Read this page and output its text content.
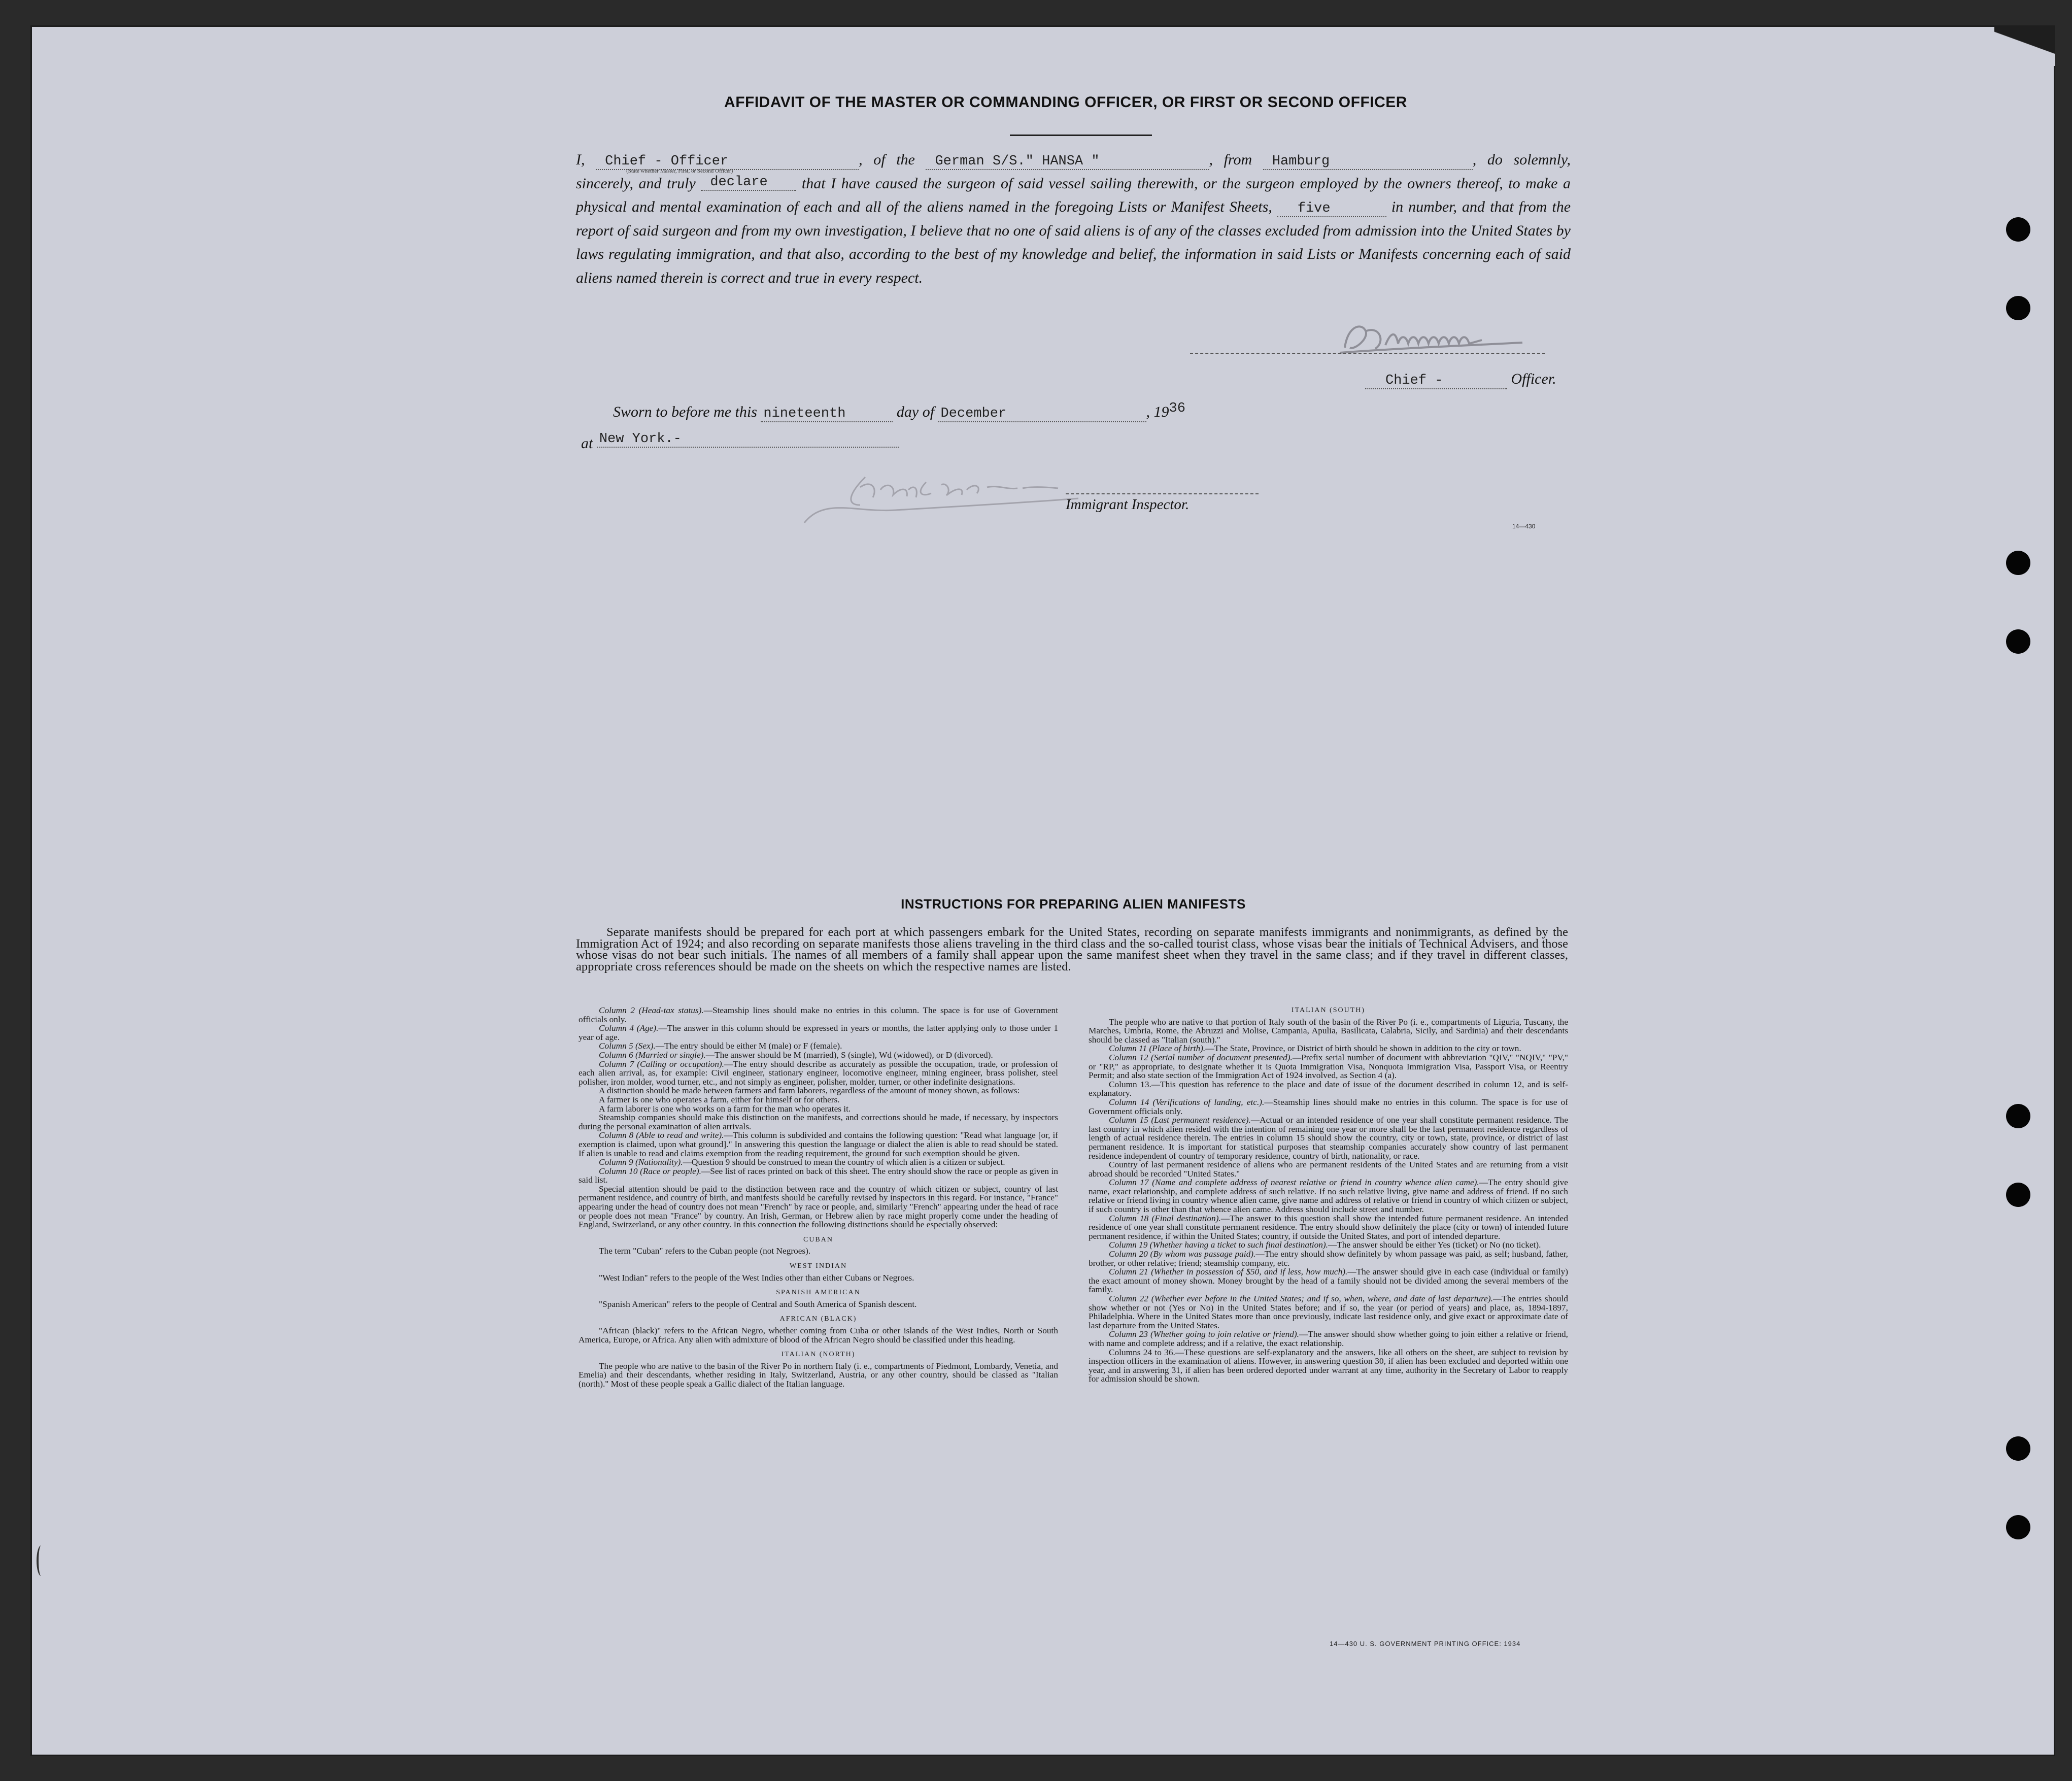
AFFIDAVIT OF THE MASTER OR COMMANDING OFFICER, OR FIRST OR SECOND OFFICER
I, Chief - Officer
(State whether Master, First, or Second Officer)
, of the German S/S." HANSA "	, from Hamburg	, do solemnly, sincerely, and truly declare that I have caused the surgeon of said vessel sailing therewith, or the surgeon employed by the owners thereof, to make a physical and mental examination of each and all of the aliens named in the foregoing Lists or Manifest Sheets, five	in number, and that from the report of said surgeon and from my own investigation, I believe that no one of said aliens is of any of the classes excluded from admission into the United States by laws regulating immigration, and that also, according to the best of my knowledge and belief, the information in said Lists or Manifests concerning each of said aliens named therein is correct and true in every respect.
Chief -	Officer.
Sworn to before me this nineteenth	day of December	, 1936
at New York.-
Immigrant Inspector.
14—430
INSTRUCTIONS FOR PREPARING ALIEN MANIFESTS

Separate manifests should be prepared for each port at which passengers embark for the United States, recording on separate manifests immigrants and nonimmigrants, as defined by the Immigration Act of 1924; and also recording on separate manifests those aliens traveling in the third class and the so-called tourist class, whose visas bear the initials of Technical Advisers, and those whose visas do not bear such initials. The names of all members of a family shall appear upon the same manifest sheet when they travel in the same class; and if they travel in different classes, appropriate cross references should be made on the sheets on which the respective names are listed.

Column 2 (Head-tax status).—Steamship lines should make no entries in this column. The space is for use of Government officials only.

Column 4 (Age).—The answer in this column should be expressed in years or months, the latter applying only to those under 1 year of age.

Column 5 (Sex).—The entry should be either M (male) or F (female).

Column 6 (Married or single).—The answer should be M (married), S (single), Wd (widowed), or D (divorced).

Column 7 (Calling or occupation).—The entry should describe as accurately as possible the occupation, trade, or profession of each alien arrival, as, for example: Civil engineer, stationary engineer, locomotive engineer, mining engineer, brass polisher, steel polisher, iron molder, wood turner, etc., and not simply as engineer, polisher, molder, turner, or other indefinite designations.

A distinction should be made between farmers and farm laborers, regardless of the amount of money shown, as follows:

A farmer is one who operates a farm, either for himself or for others.

A farm laborer is one who works on a farm for the man who operates it.

Steamship companies should make this distinction on the manifests, and corrections should be made, if necessary, by inspectors during the personal examination of alien arrivals.

Column 8 (Able to read and write).—This column is subdivided and contains the following question: "Read what language [or, if exemption is claimed, upon what ground]." In answering this question the language or dialect the alien is able to read should be stated. If alien is unable to read and claims exemption from the reading requirement, the ground for such exemption should be given.

Column 9 (Nationality).—Question 9 should be construed to mean the country of which alien is a citizen or subject.

Column 10 (Race or people).—See list of races printed on back of this sheet. The entry should show the race or people as given in said list.

Special attention should be paid to the distinction between race and the country of which citizen or subject, country of last permanent residence, and country of birth, and manifests should be carefully revised by inspectors in this regard. For instance, "France" appearing under the head of country does not mean "French" by race or people, and, similarly "French" appearing under the head of race or people does not mean "France" by country. An Irish, German, or Hebrew alien by race might properly come under the heading of England, Switzerland, or any other country. In this connection the following distinctions should be especially observed:

CUBAN

The term "Cuban" refers to the Cuban people (not Negroes).

WEST INDIAN

"West Indian" refers to the people of the West Indies other than either Cubans or Negroes.

SPANISH AMERICAN

"Spanish American" refers to the people of Central and South America of Spanish descent.

AFRICAN (BLACK)

"African (black)" refers to the African Negro, whether coming from Cuba or other islands of the West Indies, North or South America, Europe, or Africa. Any alien with admixture of blood of the African Negro should be classified under this heading.

ITALIAN (NORTH)

The people who are native to the basin of the River Po in northern Italy (i. e., compartments of Piedmont, Lombardy, Venetia, and Emelia) and their descendants, whether residing in Italy, Switzerland, Austria, or any other country, should be classed as "Italian (north)." Most of these people speak a Gallic dialect of the Italian language.

ITALIAN (SOUTH)

The people who are native to that portion of Italy south of the basin of the River Po (i. e., compartments of Liguria, Tuscany, the Marches, Umbria, Rome, the Abruzzi and Molise, Campania, Apulia, Basilicata, Calabria, Sicily, and Sardinia) and their descendants should be classed as "Italian (south)."

Column 11 (Place of birth).—The State, Province, or District of birth should be shown in addition to the city or town.

Column 12 (Serial number of document presented).—Prefix serial number of document with abbreviation "QIV," "NQIV," "PV," or "RP," as appropriate, to designate whether it is Quota Immigration Visa, Nonquota Immigration Visa, Passport Visa, or Reentry Permit; and also state section of the Immigration Act of 1924 involved, as Section 4 (a).

Column 13.—This question has reference to the place and date of issue of the document described in column 12, and is self-explanatory.

Column 14 (Verifications of landing, etc.).—Steamship lines should make no entries in this column. The space is for use of Government officials only.

Column 15 (Last permanent residence).—Actual or an intended residence of one year shall constitute permanent residence. The last country in which alien resided with the intention of remaining one year or more shall be the last permanent residence regardless of length of actual residence therein. The entries in column 15 should show the country, city or town, state, province, or district of last permanent residence. It is important for statistical purposes that steamship companies accurately show country of last permanent residence independent of country of temporary residence, country of birth, nationality, or race.

Country of last permanent residence of aliens who are permanent residents of the United States and are returning from a visit abroad should be recorded "United States."

Column 17 (Name and complete address of nearest relative or friend in country whence alien came).—The entry should give name, exact relationship, and complete address of such relative. If no such relative living, give name and address of friend. If no such relative or friend living in country whence alien came, give name and address of relative or friend in country of which citizen or subject, if such country is other than that whence alien came. Address should include street and number.

Column 18 (Final destination).—The answer to this question shall show the intended future permanent residence. An intended residence of one year shall constitute permanent residence. The entry should show definitely the place (city or town) of intended future permanent residence, if within the United States; country, if outside the United States, and port of intended departure.

Column 19 (Whether having a ticket to such final destination).—The answer should be either Yes (ticket) or No (no ticket).

Column 20 (By whom was passage paid).—The entry should show definitely by whom passage was paid, as self; husband, father, brother, or other relative; friend; steamship company, etc.

Column 21 (Whether in possession of $50, and if less, how much).—The answer should give in each case (individual or family) the exact amount of money shown. Money brought by the head of a family should not be divided among the several members of the family.

Column 22 (Whether ever before in the United States; and if so, when, where, and date of last departure).—The entries should show whether or not (Yes or No) in the United States before; and if so, the year (or period of years) and place, as, 1894-1897, Philadelphia. Where in the United States more than once previously, indicate last residence only, and give exact or approximate date of last departure from the United States.

Column 23 (Whether going to join relative or friend).—The answer should show whether going to join either a relative or friend, with name and complete address; and if a relative, the exact relationship.

Columns 24 to 36.—These questions are self-explanatory and the answers, like all others on the sheet, are subject to revision by inspection officers in the examination of aliens. However, in answering question 30, if alien has been excluded and deported within one year, and in answering 31, if alien has been ordered deported under warrant at any time, authority in the Secretary of Labor to reapply for admission should be shown.

14—430 U. S. GOVERNMENT PRINTING OFFICE: 1934
